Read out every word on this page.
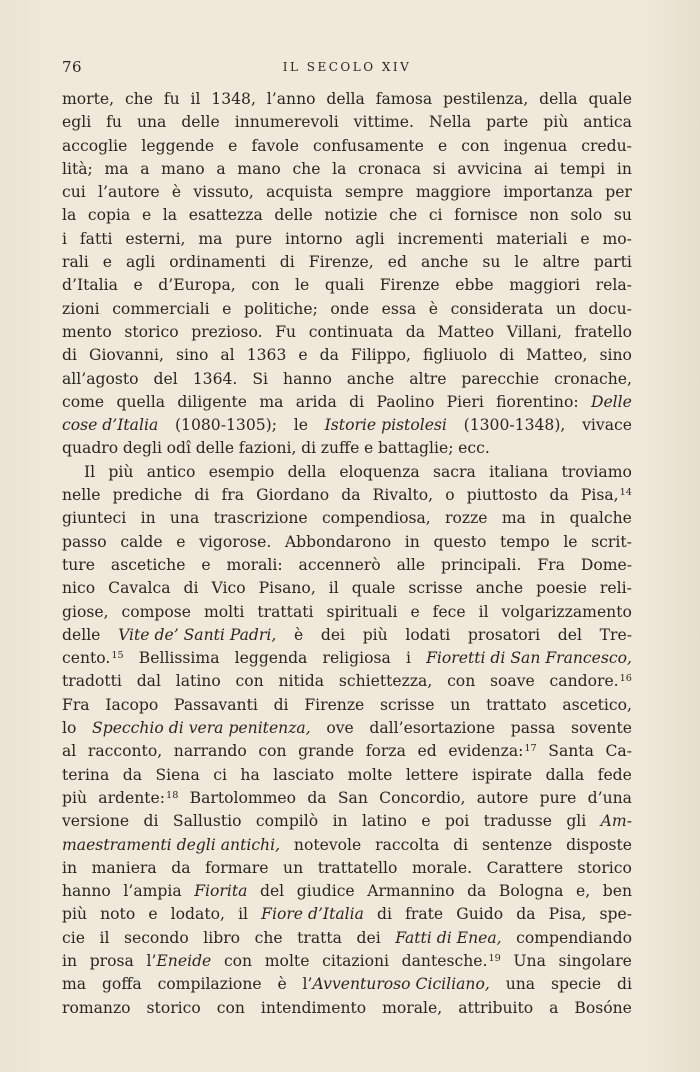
76	IL SECOLO XIV
morte, che fu il 1348, l’anno della famosa pestilenza, della quale
egli fu una delle innumerevoli vittime. Nella parte più antica
accoglie leggende e favole confusamente e con ingenua credu-
lità; ma a mano a mano che la cronaca si avvicina ai tempi in
cui l’autore è vissuto, acquista sempre maggiore importanza per
la copia e la esattezza delle notizie che ci fornisce non solo su
i fatti esterni, ma pure intorno agli incrementi materiali e mo-
rali e agli ordinamenti di Firenze, ed anche su le altre parti
d’Italia e d’Europa, con le quali Firenze ebbe maggiori rela-
zioni commerciali e politiche; onde essa è considerata un docu-
mento storico prezioso. Fu continuata da Matteo Villani, fratello
di Giovanni, sino al 1363 e da Filippo, figliuolo di Matteo, sino
all’agosto del 1364. Si hanno anche altre parecchie cronache,
come quella diligente ma arida di Paolino Pieri fiorentino: Delle
cose d’Italia (1080-1305); le Istorie pistolesi (1300-1348), vivace
quadro degli odî delle fazioni, di zuffe e battaglie; ecc.
Il più antico esempio della eloquenza sacra italiana troviamo
nelle prediche di fra Giordano da Rivalto, o piuttosto da Pisa,$^{14}$
giunteci in una trascrizione compendiosa, rozze ma in qualche
passo calde e vigorose. Abbondarono in questo tempo le scrit-
ture ascetiche e morali: accennerò alle principali. Fra Dome-
nico Cavalca di Vico Pisano, il quale scrisse anche poesie reli-
giose, compose molti trattati spirituali e fece il volgarizzamento
delle Vite de’ Santi Padri, è dei più lodati prosatori del Tre-
cento.$^{15}$ Bellissima leggenda religiosa i Fioretti di San Francesco,
tradotti dal latino con nitida schiettezza, con soave candore.$^{16}$
Fra Iacopo Passavanti di Firenze scrisse un trattato ascetico,
lo Specchio di vera penitenza, ove dall’esortazione passa sovente
al racconto, narrando con grande forza ed evidenza:$^{17}$ Santa Ca-
terina da Siena ci ha lasciato molte lettere ispirate dalla fede
più ardente:$^{18}$ Bartolommeo da San Concordio, autore pure d’una
versione di Sallustio compilò in latino e poi tradusse gli Am-
maestramenti degli antichi, notevole raccolta di sentenze disposte
in maniera da formare un trattatello morale. Carattere storico
hanno l’ampia Fiorita del giudice Armannino da Bologna e, ben
più noto e lodato, il Fiore d’Italia di frate Guido da Pisa, spe-
cie il secondo libro che tratta dei Fatti di Enea, compendiando
in prosa l’Eneide con molte citazioni dantesche.$^{19}$ Una singolare
ma goffa compilazione è l’Avventuroso Ciciliano, una specie di
romanzo storico con intendimento morale, attribuito a Bosóne
